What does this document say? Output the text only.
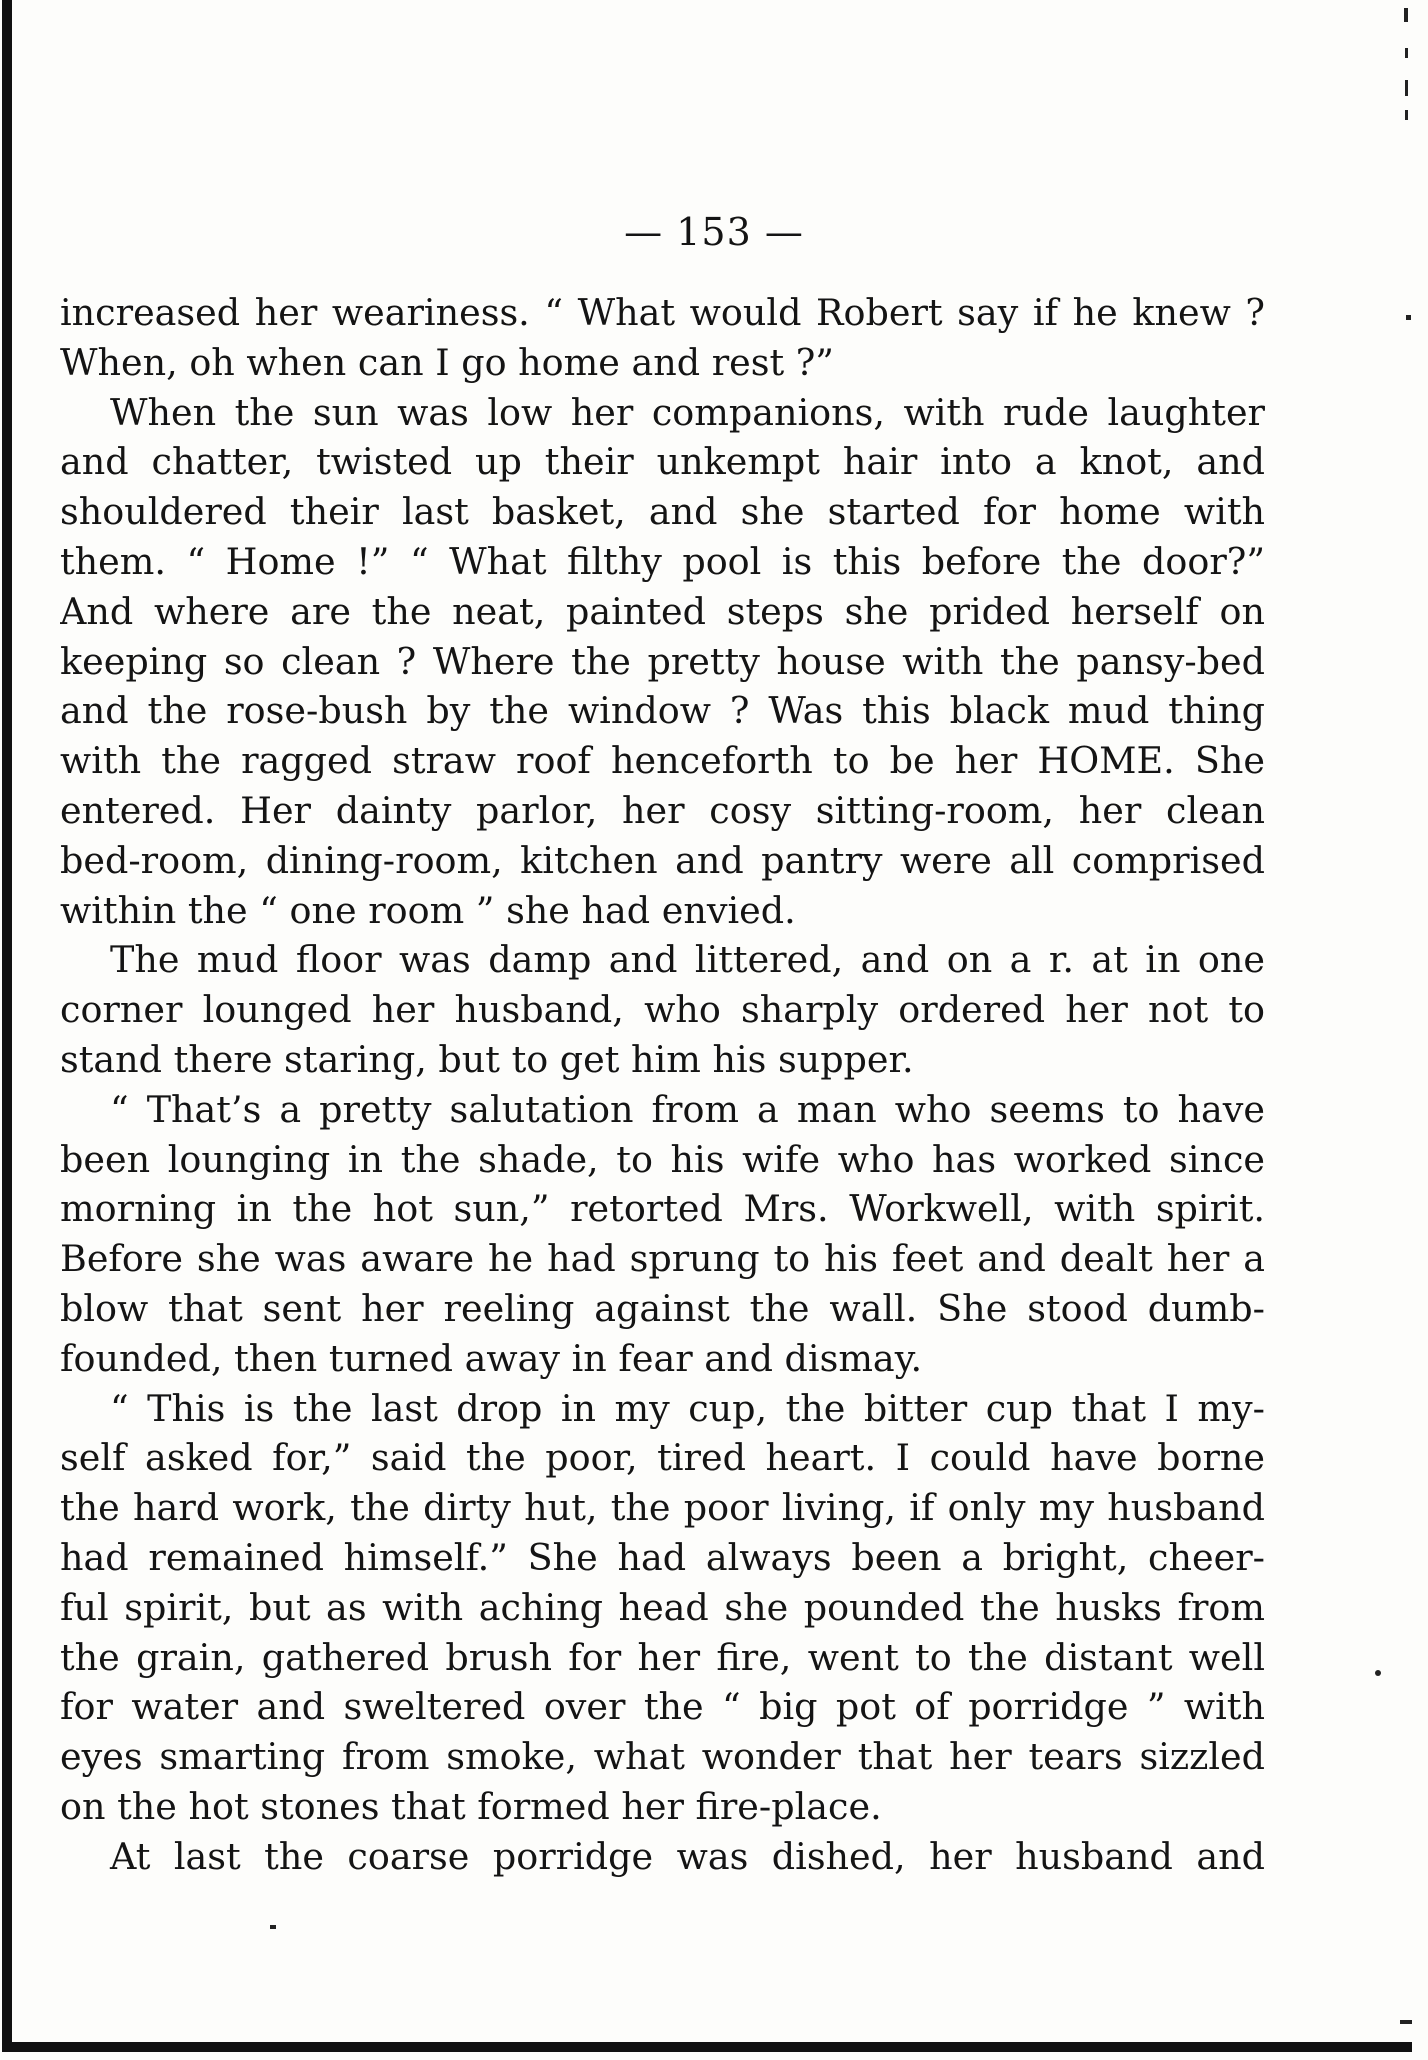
— 153 —
increased her weariness. “ What would Robert say if he knew ?
When, oh when can I go home and rest ?”
When the sun was low her companions, with rude laughter
and chatter, twisted up their unkempt hair into a knot, and
shouldered their last basket, and she started for home with
them. “ Home !” “ What filthy pool is this before the door?”
And where are the neat, painted steps she prided herself on
keeping so clean ? Where the pretty house with the pansy-bed
and the rose-bush by the window ? Was this black mud thing
with the ragged straw roof henceforth to be her HOME. She
entered. Her dainty parlor, her cosy sitting-room, her clean
bed-room, dining-room, kitchen and pantry were all comprised
within the “ one room ” she had envied.
The mud floor was damp and littered, and on a r. at in one
corner lounged her husband, who sharply ordered her not to
stand there staring, but to get him his supper.
“ That’s a pretty salutation from a man who seems to have
been lounging in the shade, to his wife who has worked since
morning in the hot sun,” retorted Mrs. Workwell, with spirit.
Before she was aware he had sprung to his feet and dealt her a
blow that sent her reeling against the wall. She stood dumb-
founded, then turned away in fear and dismay.
“ This is the last drop in my cup, the bitter cup that I my-
self asked for,” said the poor, tired heart. I could have borne
the hard work, the dirty hut, the poor living, if only my husband
had remained himself.” She had always been a bright, cheer-
ful spirit, but as with aching head she pounded the husks from
the grain, gathered brush for her fire, went to the distant well
for water and sweltered over the “ big pot of porridge ” with
eyes smarting from smoke, what wonder that her tears sizzled
on the hot stones that formed her fire-place.
At last the coarse porridge was dished, her husband and
